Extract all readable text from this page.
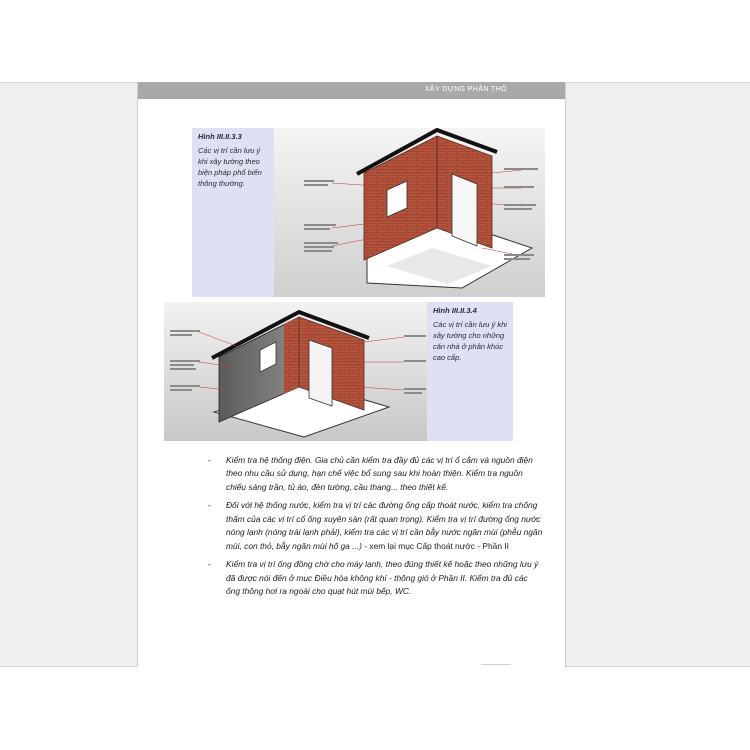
XÂY DỰNG PHẦN THÔ
Hình III.II.3.3
Các vị trí cần lưu ý khi xây tường theo biện pháp phổ biến thông thường.
Hình III.II.3.4
Các vị trí cần lưu ý khi xây tường cho những căn nhà ở phân khúc cao cấp.
- Kiểm tra hệ thống điện. Gia chủ cần kiểm tra đầy đủ các vị trí ổ cắm và nguồn điện theo nhu cầu sử dụng, hạn chế việc bổ sung sau khi hoàn thiện. Kiểm tra nguồn chiếu sáng trần, tủ áo, đèn tường, cầu thang... theo thiết kế.
- Đối với hệ thống nước, kiểm tra vị trí các đường ống cấp thoát nước, kiểm tra chống thấm của các vị trí cổ ống xuyên sàn (rất quan trọng). Kiểm tra vị trí đường ống nước nóng lạnh (nóng trái lạnh phải), kiểm tra các vị trí cần bẫy nước ngăn mùi (phễu ngăn mùi, con thỏ, bẫy ngăn mùi hố ga ...) - xem lại mục Cấp thoát nước - Phần II
- Kiểm tra vị trí ống đồng chờ cho máy lạnh, theo đúng thiết kế hoặc theo những lưu ý đã được nói đến ở mục Điều hòa không khí - thông gió ở Phần II. Kiểm tra đủ các ống thông hơi ra ngoài cho quạt hút mùi bếp, WC.
